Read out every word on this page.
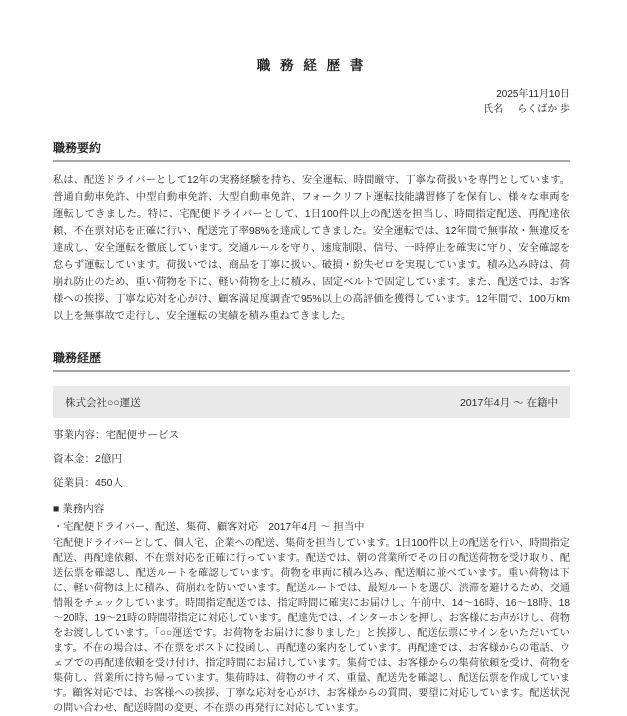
職 務 経 歴 書
2025年11月10日
氏名 らくばか 歩
職務要約

私は、配送ドライバーとして12年の実務経験を持ち、安全運転、時間厳守、丁寧な荷扱いを専門としています。普通自動車免許、中型自動車免許、大型自動車免許、フォークリフト運転技能講習修了を保有し、様々な車両を運転してきました。特に、宅配便ドライバーとして、1日100件以上の配送を担当し、時間指定配送、再配達依頼、不在票対応を正確に行い、配送完了率98%を達成してきました。安全運転では、12年間で無事故・無違反を達成し、安全運転を徹底しています。交通ルールを守り、速度制限、信号、一時停止を確実に守り、安全確認を怠らず運転しています。荷扱いでは、商品を丁寧に扱い、破損・紛失ゼロを実現しています。積み込み時は、荷崩れ防止のため、重い荷物を下に、軽い荷物を上に積み、固定ベルトで固定しています。また、配送では、お客様への挨拶、丁寧な応対を心がけ、顧客満足度調査で95%以上の高評価を獲得しています。12年間で、100万km以上を無事故で走行し、安全運転の実績を積み重ねてきました。

職務経歴
株式会社○○運送	2017年4月 ～ 在籍中
事業内容：宅配便サービス
資本金：2億円
従業員：450人
■ 業務内容
・宅配便ドライバー、配送、集荷、顧客対応　2017年4月 ～ 担当中

宅配便ドライバーとして、個人宅、企業への配送、集荷を担当しています。1日100件以上の配送を行い、時間指定配送、再配達依頼、不在票対応を正確に行っています。配送では、朝の営業所でその日の配送荷物を受け取り、配送伝票を確認し、配送ルートを確認しています。荷物を車両に積み込み、配送順に並べています。重い荷物は下に、軽い荷物は上に積み、荷崩れを防いでいます。配送ルートでは、最短ルートを選び、渋滞を避けるため、交通情報をチェックしています。時間指定配送では、指定時間に確実にお届けし、午前中、14～16時、16～18時、18～20時、19～21時の時間帯指定に対応しています。配達先では、インターホンを押し、お客様にお声がけし、荷物をお渡ししています。「○○運送です。お荷物をお届けに参りました」と挨拶し、配送伝票にサインをいただいています。不在の場合は、不在票をポストに投函し、再配達の案内をしています。再配達では、お客様からの電話、ウェブでの再配達依頼を受け付け、指定時間にお届けしています。集荷では、お客様からの集荷依頼を受け、荷物を集荷し、営業所に持ち帰っています。集荷時は、荷物のサイズ、重量、配送先を確認し、配送伝票を作成しています。顧客対応では、お客様への挨拶、丁寧な応対を心がけ、お客様からの質問、要望に対応しています。配送状況の問い合わせ、配送時間の変更、不在票の再発行に対応しています。
